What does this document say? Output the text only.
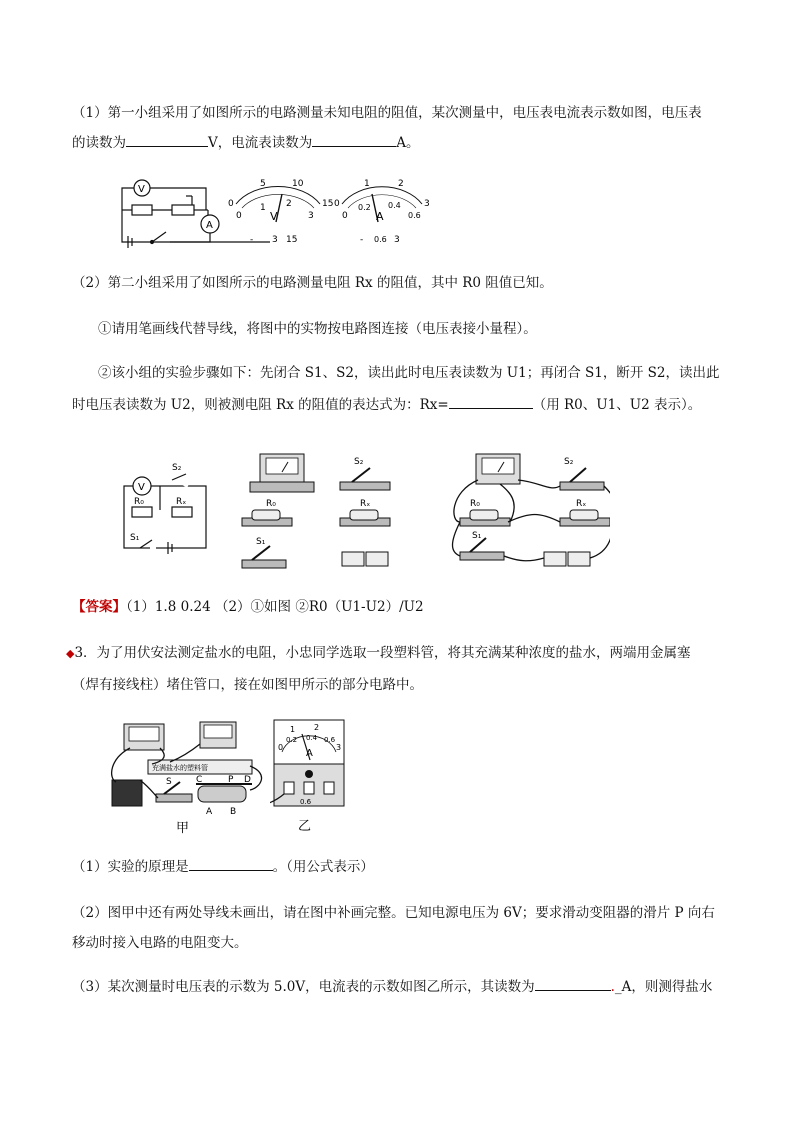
（1）第一小组采用了如图所示的电路测量未知电阻的阻值，某次测量中，电压表电流表示数如图，电压表
的读数为	V，电流表读数为	A。
V
A
5	10
0	15
0
1 2
3
V
- 3 15
1	2
0	3
0
0.2 0.4
0.6
A
- 0.6 3
（2）第二小组采用了如图所示的电路测量电阻 Rx 的阻值，其中 R0 阻值已知。
①请用笔画线代替导线，将图中的实物按电路图连接（电压表接小量程）。
②该小组的实验步骤如下：先闭合 S1、S2，读出此时电压表读数为 U1；再闭合 S1，断开 S2，读出此
时电压表读数为 U2，则被测电阻 Rx 的阻值的表达式为：Rx=	（用 R0、U1、U2 表示）。
V
S₂
R₀	Rₓ
S₁
R₀	Rₓ
S₁
S₂
R₀	Rₓ
S₁
S₂
【答案】（1）1.8 0.24 （2）①如图 ②R0（U1-U2）/U2
◆3．为了用伏安法测定盐水的电阻，小忠同学选取一段塑料管，将其充满某种浓度的盐水，两端用金属塞
（焊有接线柱）堵住管口，接在如图甲所示的部分电路中。
充满盐水的塑料管
S	P
C	D
A B
甲
1 2
0
0.2 0.4 0.6
3
A
0.6
乙
（1）实验的原理是	。（用公式表示）
（2）图甲中还有两处导线未画出，请在图中补画完整。已知电源电压为 6V；要求滑动变阻器的滑片 P 向右
移动时接入电路的电阻变大。
（3）某次测量时电压表的示数为 5.0V，电流表的示数如图乙所示，其读数为	._A，则测得盐水
